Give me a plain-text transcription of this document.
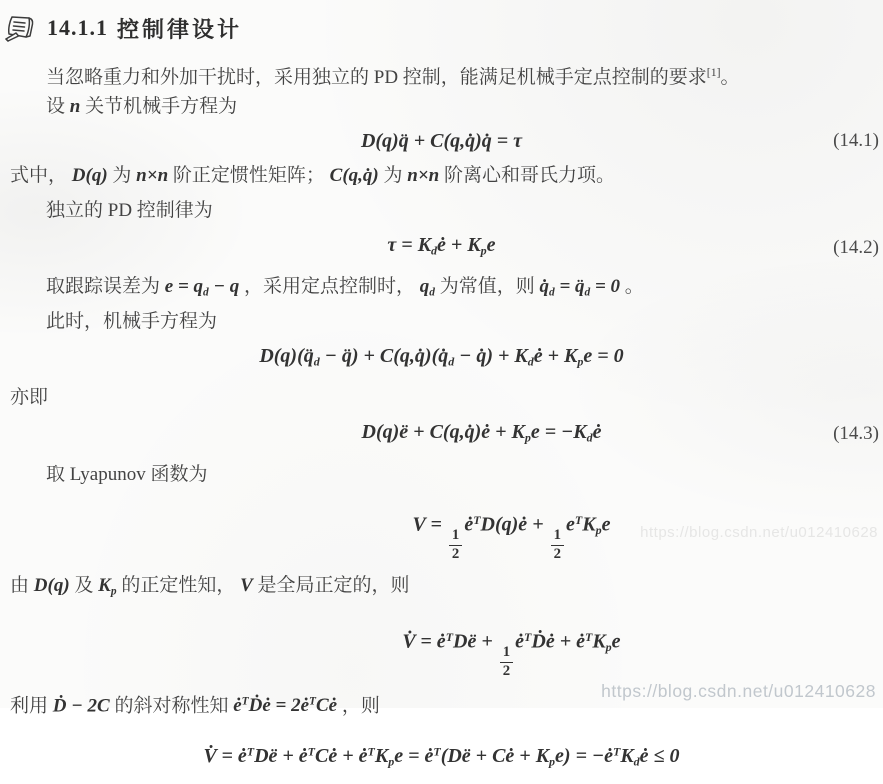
14.1.1 控制律设计

当忽略重力和外加干扰时，采用独立的 PD 控制，能满足机械手定点控制的要求[1]。

设 n 关节机械手方程为

D(q)q̈ + C(q,q̇)q̇ = τ	(14.1)

式中， D(q) 为 n×n 阶正定惯性矩阵； C(q,q̇) 为 n×n 阶离心和哥氏力项。

独立的 PD 控制律为

$\tau = K_dė + K_pe$	(14.2)

取跟踪误差为 $e = q_d - q$ ，采用定点控制时， $q_d$ 为常值，则 $q̇_d$ = $q̈_d = 0$ 。

此时，机械手方程为

$D(q)(q̈_d$ − q̈) + $C(q,q̇)(q̇_d$ − q̇) + $K_dė + K_pe = 0$

亦即

D(q)ë + C(q,q̇)ė + $K_pe$ = $-K_dė$	(14.3)

取 Lyapunov 函数为

V =
$\frac{1}{2}$
ė$^T$D(q)ė +
$\frac{1}{2}$
$e^TK_pe$

由 D(q) 及 $K_p$ 的正定性知， V 是全局正定的，则

V̇ = ė$^T$Dë +
$\frac{1}{2}$
ė$^T$Ḋė + $ė^TK_pe$

利用 Ḋ − 2C 的斜对称性知 ė$^T$Ḋė = 2ė$^T$Cė ，则

V̇ = ė$^T$Dë + ė$^T$Cė + $ė^TK_pe$ = ė$^T$(Dë + Cė + $K_pe$) = $-ė^TK_dė \le 0$
https://blog.csdn.net/u012410628
https://blog.csdn.net/u012410628
